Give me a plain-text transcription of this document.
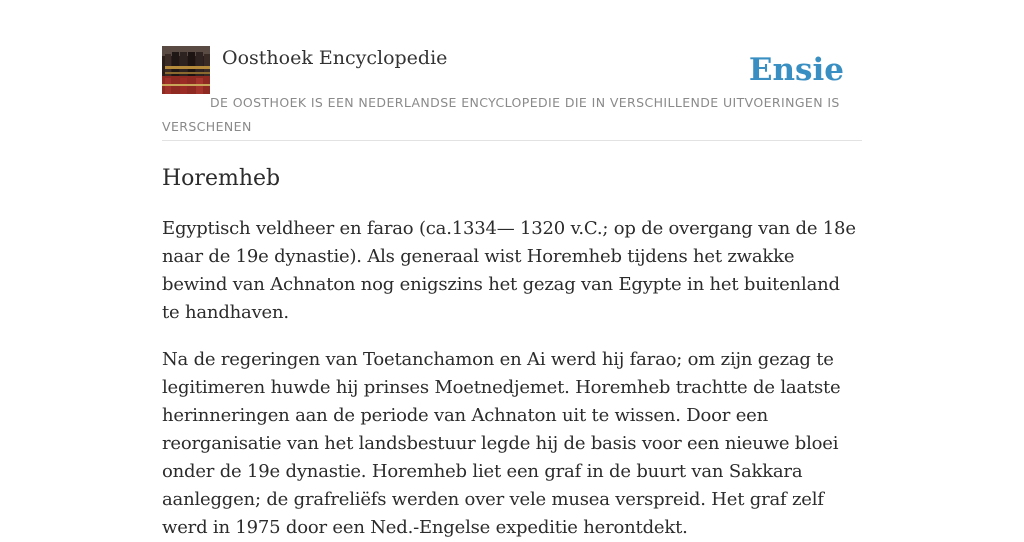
Oosthoek Encyclopedie	Ensie
DE OOSTHOEK IS EEN NEDERLANDSE ENCYCLOPEDIE DIE IN VERSCHILLENDE UITVOERINGEN IS VERSCHENEN
Horemheb

Egyptisch veldheer en farao (ca.1334— 1320 v.C.; op de overgang van de 18e naar de 19e dynastie). Als generaal wist Horemheb tijdens het zwakke bewind van Achnaton nog enigszins het gezag van Egypte in het buitenland te handhaven.

Na de regeringen van Toetanchamon en Ai werd hij farao; om zijn gezag te legitimeren huwde hij prinses Moetnedjemet. Horemheb trachtte de laatste herinneringen aan de periode van Achnaton uit te wissen. Door een reorganisatie van het landsbestuur legde hij de basis voor een nieuwe bloei onder de 19e dynastie. Horemheb liet een graf in de buurt van Sakkara aanleggen; de grafreliëfs werden over vele musea verspreid. Het graf zelf werd in 1975 door een Ned.-Engelse expeditie herontdekt.
